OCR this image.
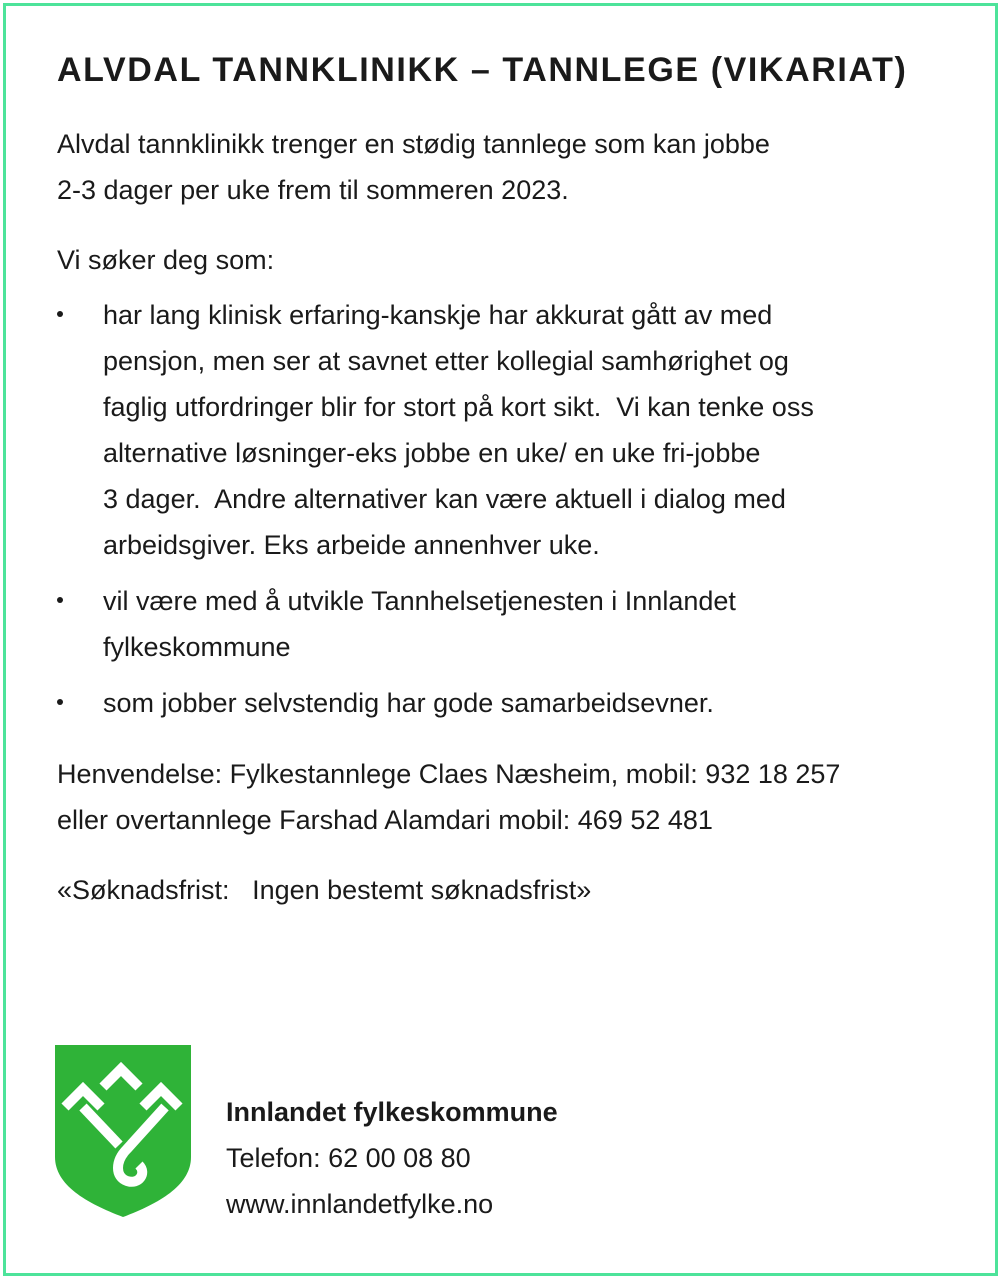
ALVDAL TANNKLINIKK – TANNLEGE (VIKARIAT)
Alvdal tannklinikk trenger en stødig tannlege som kan jobbe
2-3 dager per uke frem til sommeren 2023.
Vi søker deg som:
har lang klinisk erfaring-kanskje har akkurat gått av med
pensjon, men ser at savnet etter kollegial samhørighet og
faglig utfordringer blir for stort på kort sikt.  Vi kan tenke oss
alternative løsninger-eks jobbe en uke/ en uke fri-jobbe
3 dager.  Andre alternativer kan være aktuell i dialog med
arbeidsgiver. Eks arbeide annenhver uke.
vil være med å utvikle Tannhelsetjenesten i Innlandet
fylkeskommune
som jobber selvstendig har gode samarbeidsevner.
Henvendelse: Fylkestannlege Claes Næsheim, mobil: 932 18 257
eller overtannlege Farshad Alamdari mobil: 469 52 481
«Søknadsfrist:   Ingen bestemt søknadsfrist»
Innlandet fylkeskommune
Telefon: 62 00 08 80
www.innlandetfylke.no
